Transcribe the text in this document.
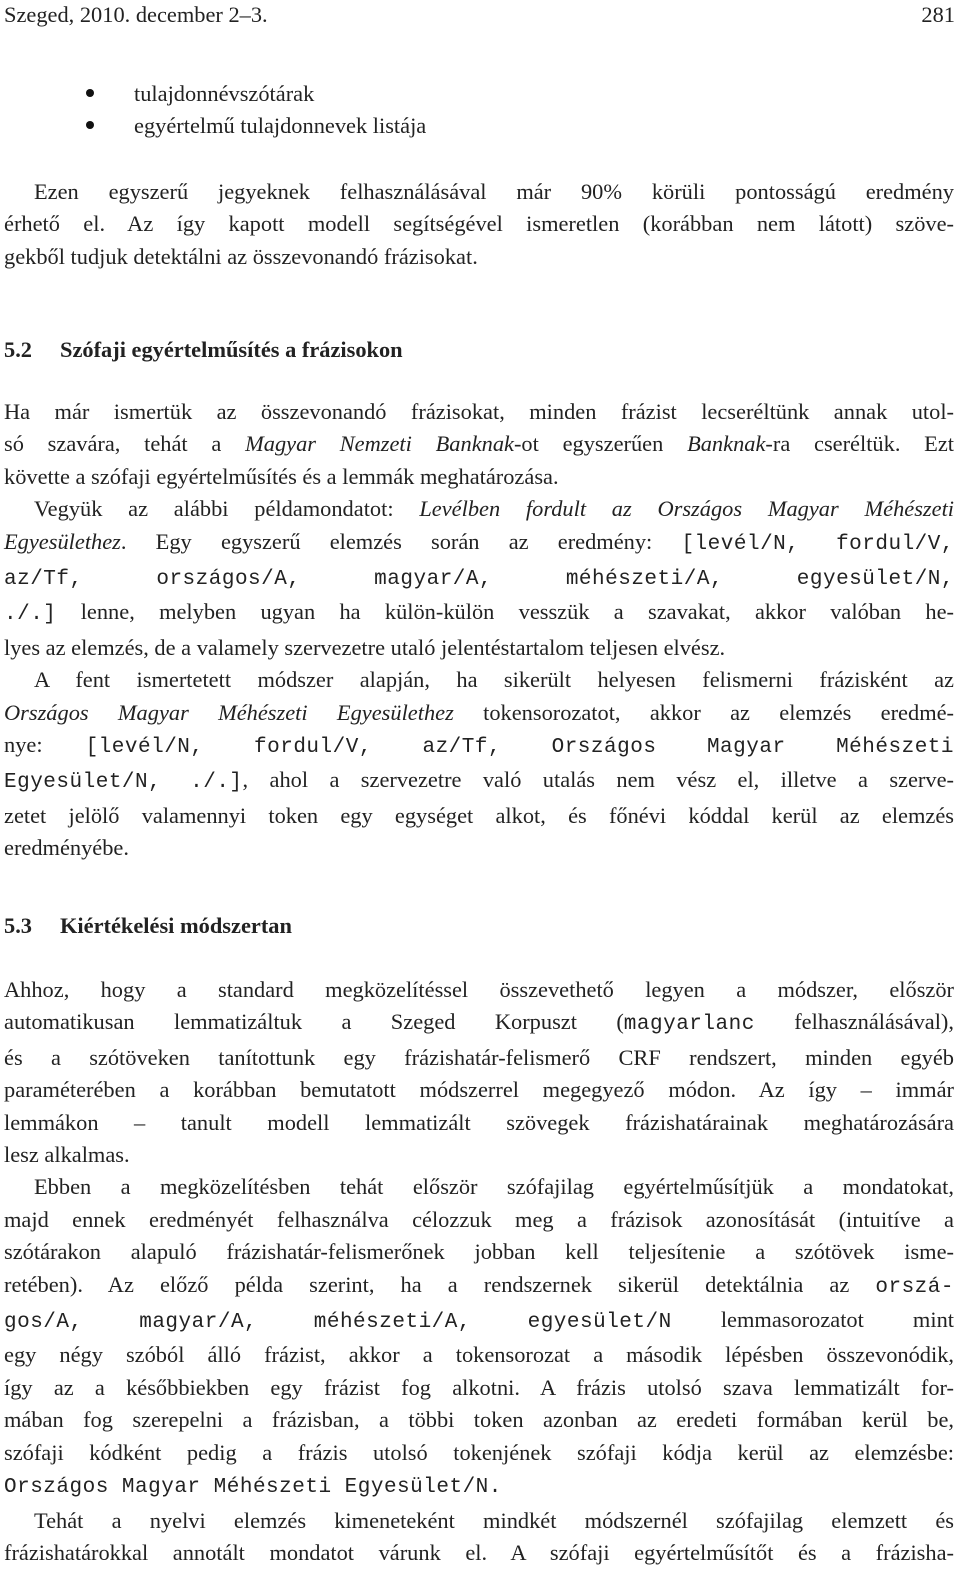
Szeged, 2010. december 2–3.	281
tulajdonnévszótárak
egyértelmű tulajdonnevek listája

Ezen egyszerű jegyeknek felhasználásával már 90% körüli pontosságú eredmény

érhető el. Az így kapott modell segítségével ismeretlen (korábban nem látott) szöve-

gekből tudjuk detektálni az összevonandó frázisokat.

5.2 Szófaji egyértelműsítés a frázisokon

Ha már ismertük az összevonandó frázisokat, minden frázist lecseréltünk annak utol-

só szavára, tehát a Magyar Nemzeti Banknak-ot egyszerűen Banknak-ra cseréltük. Ezt

követte a szófaji egyértelműsítés és a lemmák meghatározása.

Vegyük az alábbi példamondatot: Levélben fordult az Országos Magyar Méhészeti

Egyesülethez. Egy egyszerű elemzés során az eredmény: [levél/N, fordul/V,

az/Tf, országos/A, magyar/A, méhészeti/A, egyesület/N,

./.] lenne, melyben ugyan ha külön-külön vesszük a szavakat, akkor valóban he-

lyes az elemzés, de a valamely szervezetre utaló jelentéstartalom teljesen elvész.

A fent ismertetett módszer alapján, ha sikerült helyesen felismerni frázisként az

Országos Magyar Méhészeti Egyesülethez tokensorozatot, akkor az elemzés eredmé-

nye: [levél/N, fordul/V, az/Tf, Országos Magyar Méhészeti

Egyesület/N, ./.], ahol a szervezetre való utalás nem vész el, illetve a szerve-

zetet jelölő valamennyi token egy egységet alkot, és főnévi kóddal kerül az elemzés

eredményébe.

5.3 Kiértékelési módszertan

Ahhoz, hogy a standard megközelítéssel összevethető legyen a módszer, először

automatikusan lemmatizáltuk a Szeged Korpuszt (magyarlanc felhasználásával),

és a szótöveken tanítottunk egy frázishatár-felismerő CRF rendszert, minden egyéb

paraméterében a korábban bemutatott módszerrel megegyező módon. Az így – immár

lemmákon – tanult modell lemmatizált szövegek frázishatárainak meghatározására

lesz alkalmas.

Ebben a megközelítésben tehát először szófajilag egyértelműsítjük a mondatokat,

majd ennek eredményét felhasználva célozzuk meg a frázisok azonosítását (intuitíve a

szótárakon alapuló frázishatár-felismerőnek jobban kell teljesítenie a szótövek isme-

retében). Az előző példa szerint, ha a rendszernek sikerül detektálnia az orszá-

gos/A, magyar/A, méhészeti/A, egyesület/N lemmasorozatot mint

egy négy szóból álló frázist, akkor a tokensorozat a második lépésben összevonódik,

így az a későbbiekben egy frázist fog alkotni. A frázis utolsó szava lemmatizált for-

mában fog szerepelni a frázisban, a többi token azonban az eredeti formában kerül be,

szófaji kódként pedig a frázis utolsó tokenjének szófaji kódja kerül az elemzésbe:

Országos Magyar Méhészeti Egyesület/N.

Tehát a nyelvi elemzés kimeneteként mindkét módszernél szófajilag elemzett és

frázishatárokkal annotált mondatot várunk el. A szófaji egyértelműsítőt és a frázisha-
